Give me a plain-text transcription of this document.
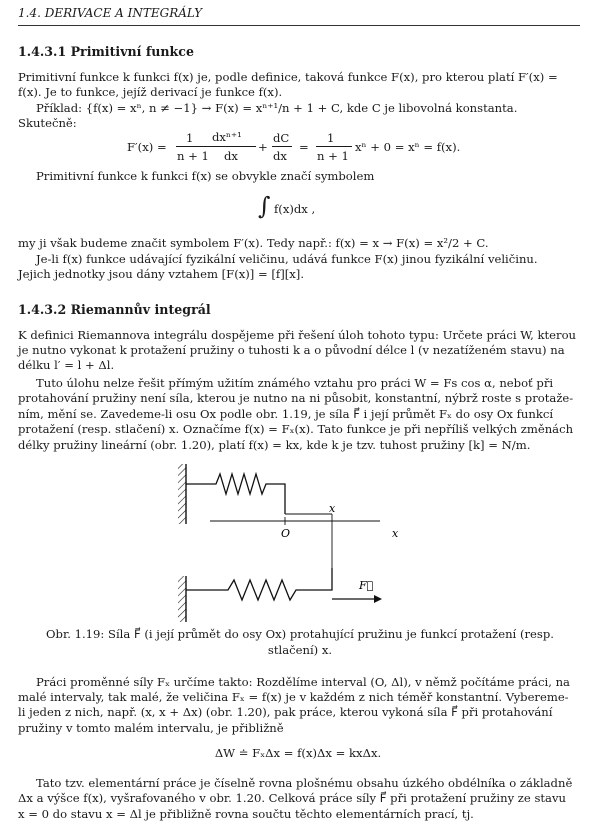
1.4. DERIVACE A INTEGRÁLY
1.4.3.1 Primitivní funkce
Primitivní funkce k funkci f(x) je, podle definice, taková funkce F(x), pro kterou platí F′(x) =
f(x). Je to funkce, jejíž derivací je funkce f(x).
Příklad: {f(x) = xⁿ, n ≠ −1} → F(x) = xⁿ⁺¹/n + 1 + C, kde C je libovolná konstanta.
Skutečně:
F′(x) =
1
n + 1
dxⁿ⁺¹
dx
+
dC
dx
=
1
n + 1
xⁿ + 0 = xⁿ = f(x).
Primitivní funkce k funkci f(x) se obvykle značí symbolem
∫ f(x)dx ,
my ji však budeme značit symbolem F′(x). Tedy např.: f(x) = x → F(x) = x²/2 + C.
Je-li f(x) funkce udávající fyzikální veličinu, udává funkce F(x) jinou fyzikální veličinu.
Jejich jednotky jsou dány vztahem [F(x)] = [f][x].
1.4.3.2 Riemannův integrál
K definici Riemannova integrálu dospějeme při řešení úloh tohoto typu: Určete práci W, kterou
je nutno vykonat k protažení pružiny o tuhosti k a o původní délce l (v nezatíženém stavu) na
délku l′ = l + Δl.
Tuto úlohu nelze řešit přímým užitím známého vztahu pro práci W = Fs cos α, neboť při
protahování pružiny není síla, kterou je nutno na ni působit, konstantní, nýbrž roste s protaže-
ním, mění se. Zavedeme-li osu Ox podle obr. 1.19, je síla F⃗ i její průmět Fₓ do osy Ox funkcí
protažení (resp. stlačení) x. Označíme f(x) = Fₓ(x). Tato funkce je při nepříliš velkých změnách
délky pružiny lineární (obr. 1.20), platí f(x) = kx, kde k je tzv. tuhost pružiny [k] = N/m.
x
O	x
F⃗
Obr. 1.19: Síla F⃗ (i její průmět do osy Ox) protahující pružinu je funkcí protažení (resp. stlačení) x.
Práci proměnné síly Fₓ určíme takto: Rozdělíme interval (O, Δl), v němž počítáme práci, na
malé intervaly, tak malé, že veličina Fₓ = f(x) je v každém z nich téměř konstantní. Vybereme-
li jeden z nich, např. (x, x + Δx) (obr. 1.20), pak práce, kterou vykoná síla F⃗ při protahování
pružiny v tomto malém intervalu, je přibližně
ΔW ≐ FₓΔx = f(x)Δx = kxΔx.
Tato tzv. elementární práce je číselně rovna plošnému obsahu úzkého obdélníka o základně
Δx a výšce f(x), vyšrafovaného v obr. 1.20. Celková práce síly F⃗ při protažení pružiny ze stavu
x = 0 do stavu x = Δl je přibližně rovna součtu těchto elementárních prací, tj.
